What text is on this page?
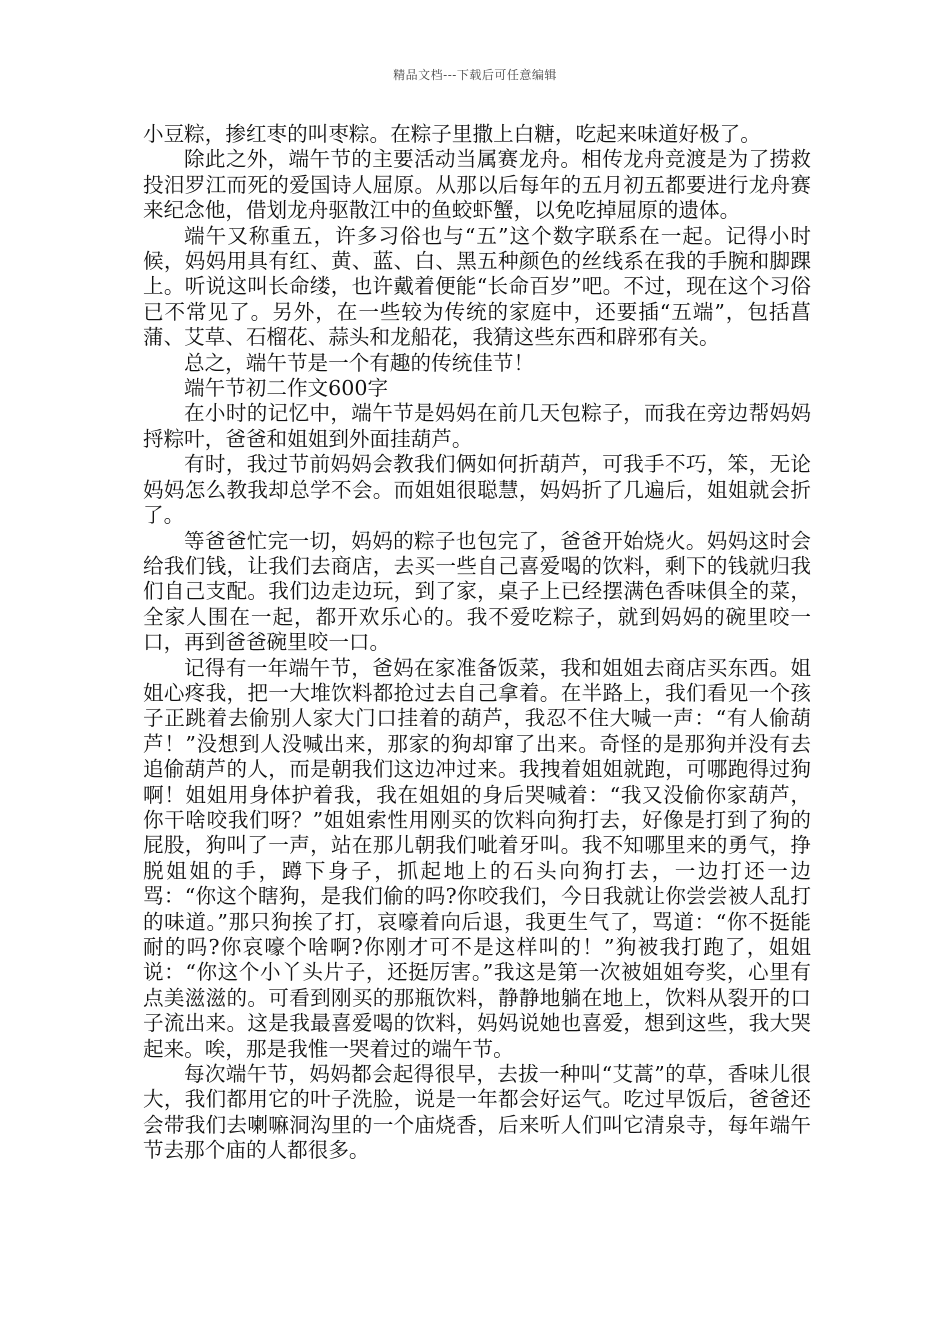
精品文档---下载后可任意编辑

小豆粽，掺红枣的叫枣粽。在粽子里撒上白糖，吃起来味道好极了。

除此之外，端午节的主要活动当属赛龙舟。相传龙舟竞渡是为了捞救投汨罗江而死的爱国诗人屈原。从那以后每年的五月初五都要进行龙舟赛来纪念他，借划龙舟驱散江中的鱼蛟虾蟹，以免吃掉屈原的遗体。

端午又称重五，许多习俗也与“五”这个数字联系在一起。记得小时候，妈妈用具有红、黄、蓝、白、黑五种颜色的丝线系在我的手腕和脚踝上。听说这叫长命缕，也许戴着便能“长命百岁”吧。不过，现在这个习俗已不常见了。另外，在一些较为传统的家庭中，还要插“五端”，包括菖蒲、艾草、石榴花、蒜头和龙船花，我猜这些东西和辟邪有关。

总之，端午节是一个有趣的传统佳节！

端午节初二作文600字

在小时的记忆中，端午节是妈妈在前几天包粽子，而我在旁边帮妈妈捋粽叶，爸爸和姐姐到外面挂葫芦。

有时，我过节前妈妈会教我们俩如何折葫芦，可我手不巧，笨，无论妈妈怎么教我却总学不会。而姐姐很聪慧，妈妈折了几遍后，姐姐就会折了。

等爸爸忙完一切，妈妈的粽子也包完了，爸爸开始烧火。妈妈这时会给我们钱，让我们去商店，去买一些自己喜爱喝的饮料，剩下的钱就归我们自己支配。我们边走边玩，到了家，桌子上已经摆满色香味俱全的菜，全家人围在一起，都开欢乐心的。我不爱吃粽子，就到妈妈的碗里咬一口，再到爸爸碗里咬一口。

记得有一年端午节，爸妈在家准备饭菜，我和姐姐去商店买东西。姐姐心疼我，把一大堆饮料都抢过去自己拿着。在半路上，我们看见一个孩子正跳着去偷别人家大门口挂着的葫芦，我忍不住大喊一声：“有人偷葫芦！”没想到人没喊出来，那家的狗却窜了出来。奇怪的是那狗并没有去追偷葫芦的人，而是朝我们这边冲过来。我拽着姐姐就跑，可哪跑得过狗啊！姐姐用身体护着我，我在姐姐的身后哭喊着：“我又没偷你家葫芦，你干啥咬我们呀？”姐姐索性用刚买的饮料向狗打去，好像是打到了狗的屁股，狗叫了一声，站在那儿朝我们呲着牙叫。我不知哪里来的勇气，挣脱姐姐的手，蹲下身子，抓起地上的石头向狗打去，一边打还一边骂：“你这个瞎狗，是我们偷的吗?你咬我们，今日我就让你尝尝被人乱打的味道。”那只狗挨了打，哀嚎着向后退，我更生气了，骂道：“你不挺能耐的吗?你哀嚎个啥啊?你刚才可不是这样叫的！”狗被我打跑了，姐姐说：“你这个小丫头片子，还挺厉害。”我这是第一次被姐姐夸奖，心里有点美滋滋的。可看到刚买的那瓶饮料，静静地躺在地上，饮料从裂开的口子流出来。这是我最喜爱喝的饮料，妈妈说她也喜爱，想到这些，我大哭起来。唉，那是我惟一哭着过的端午节。

每次端午节，妈妈都会起得很早，去拔一种叫“艾蒿”的草，香味儿很大，我们都用它的叶子洗脸，说是一年都会好运气。吃过早饭后，爸爸还会带我们去喇嘛洞沟里的一个庙烧香，后来听人们叫它清泉寺，每年端午节去那个庙的人都很多。
